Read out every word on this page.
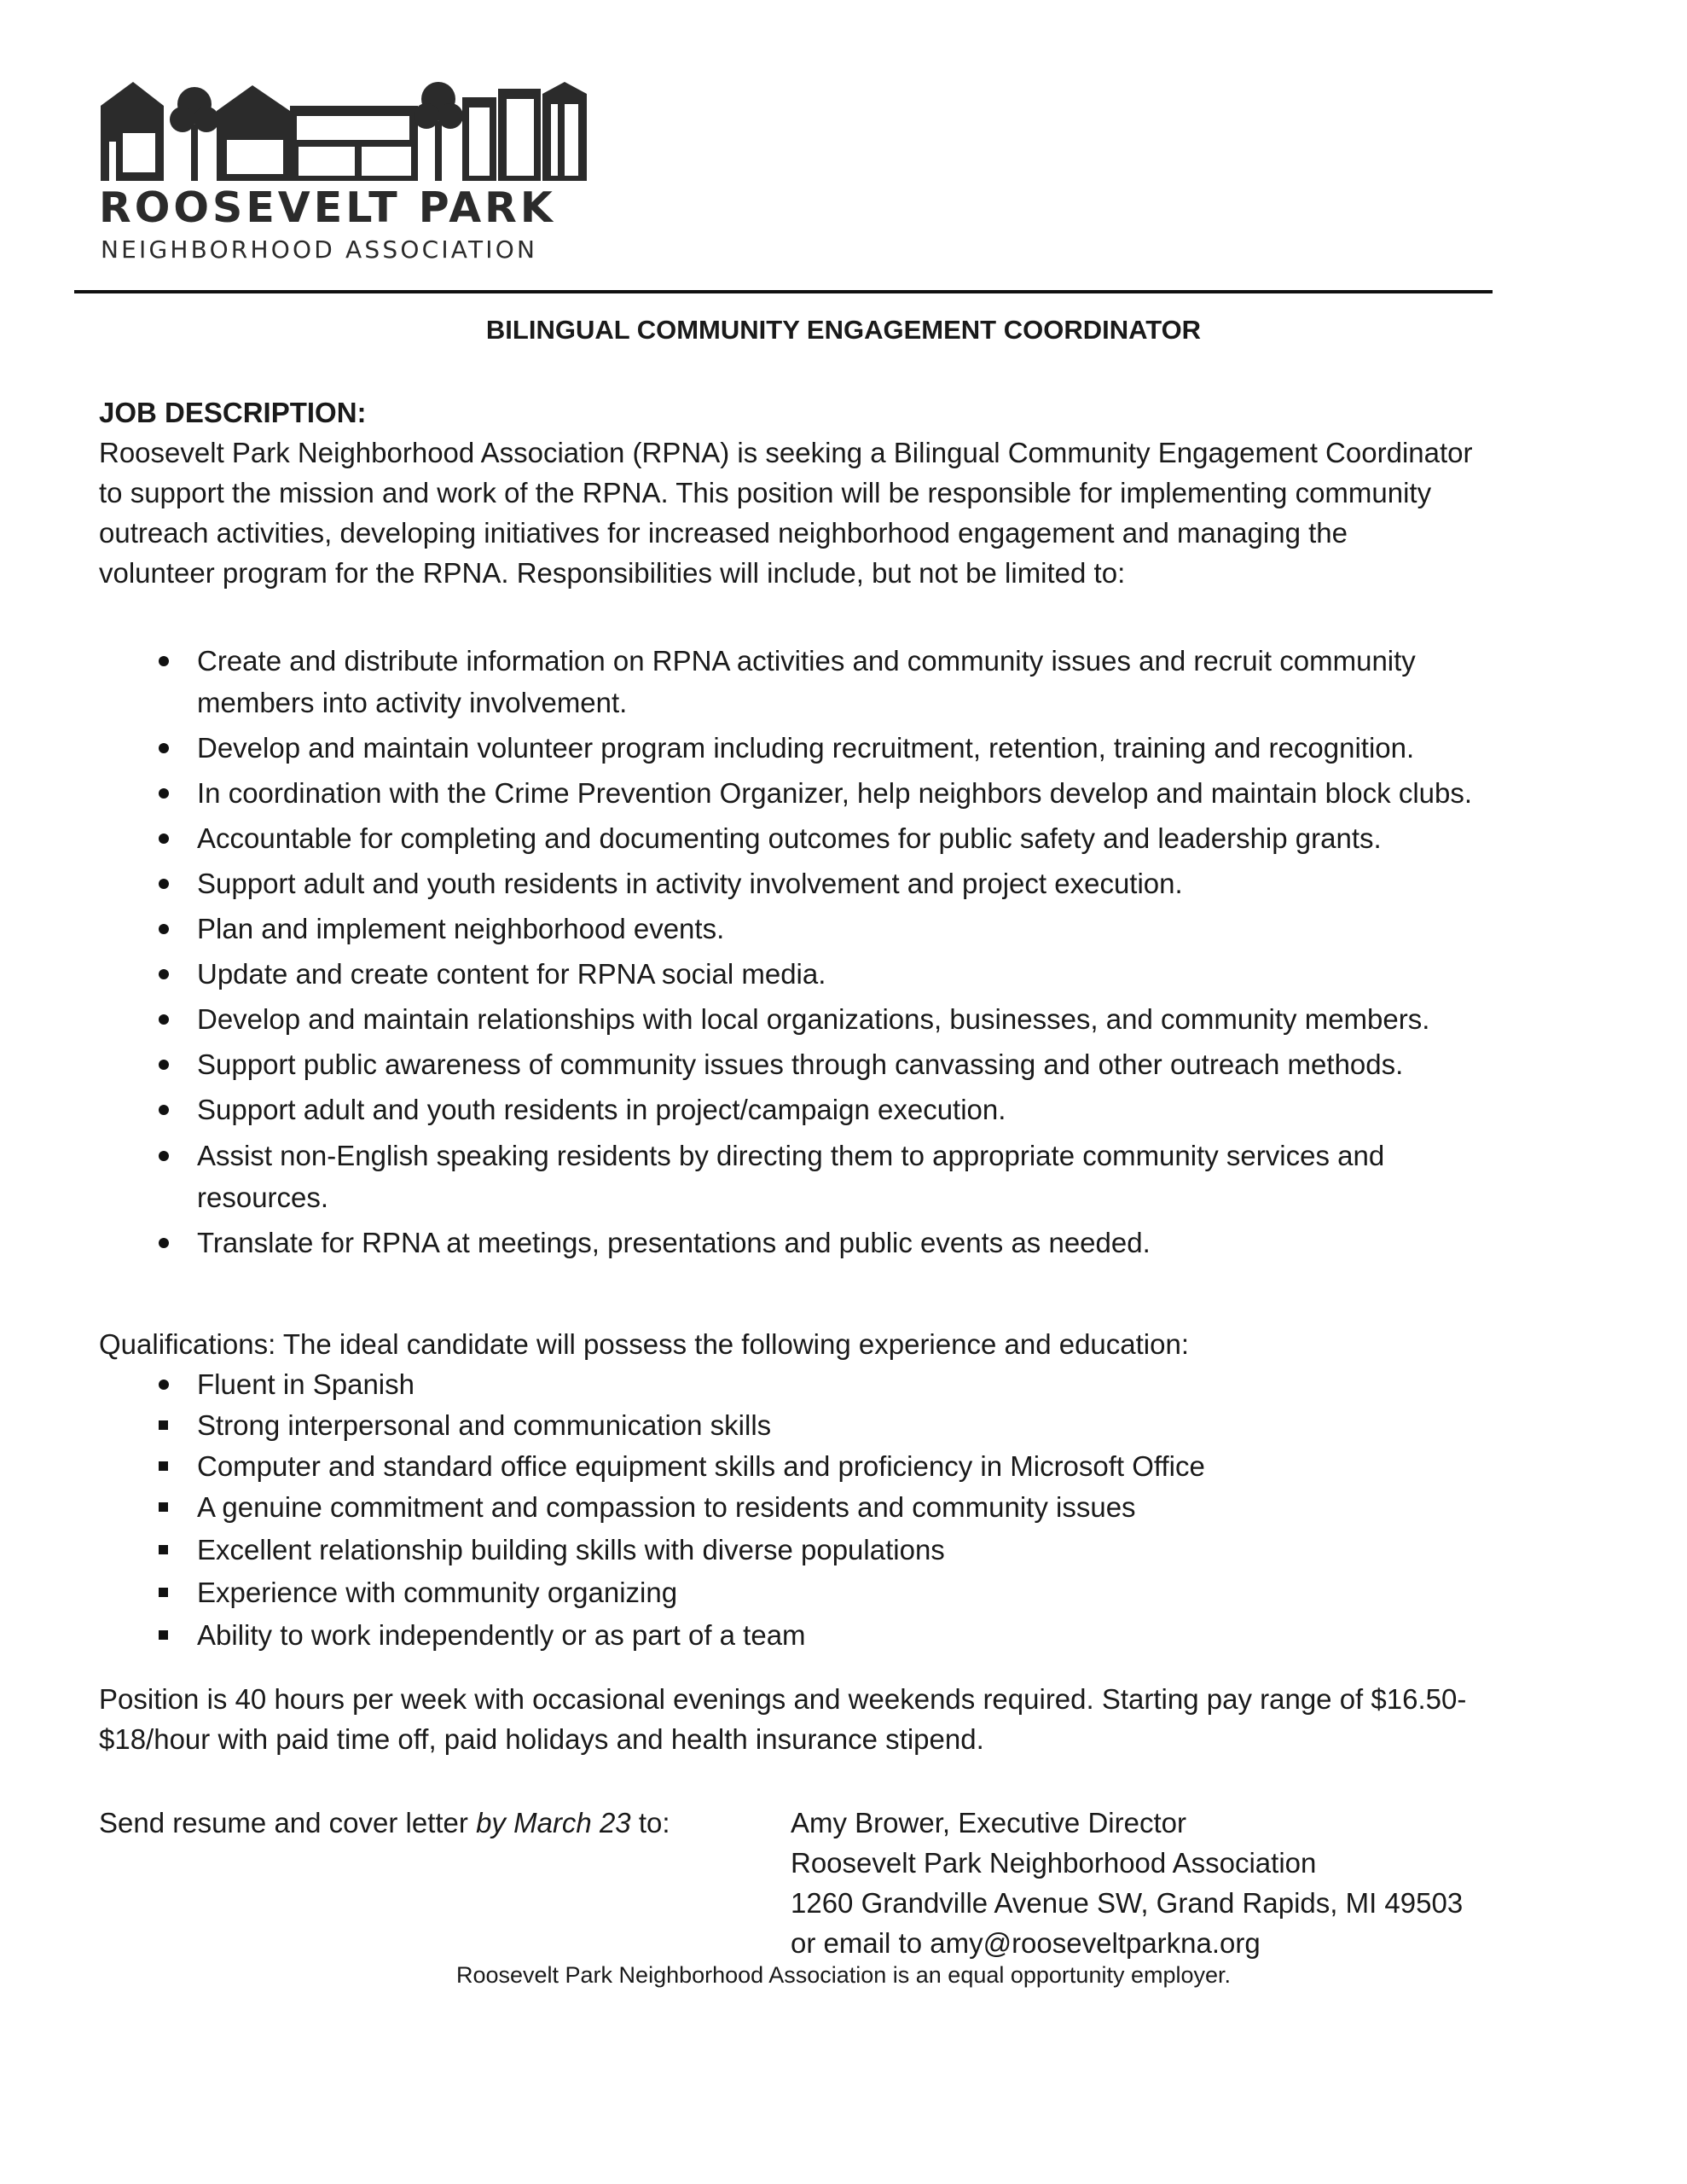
ROOSEVELT PARK
NEIGHBORHOOD ASSOCIATION
BILINGUAL COMMUNITY ENGAGEMENT COORDINATOR
JOB DESCRIPTION:
Roosevelt Park Neighborhood Association (RPNA) is seeking a Bilingual Community Engagement Coordinator
to support the mission and work of the RPNA. This position will be responsible for implementing community
outreach activities, developing initiatives for increased neighborhood engagement and managing the
volunteer program for the RPNA. Responsibilities will include, but not be limited to:
Create and distribute information on RPNA activities and community issues and recruit community
members into activity involvement.
Develop and maintain volunteer program including recruitment, retention, training and recognition.
In coordination with the Crime Prevention Organizer, help neighbors develop and maintain block clubs.
Accountable for completing and documenting outcomes for public safety and leadership grants.
Support adult and youth residents in activity involvement and project execution.
Plan and implement neighborhood events.
Update and create content for RPNA social media.
Develop and maintain relationships with local organizations, businesses, and community members.
Support public awareness of community issues through canvassing and other outreach methods.
Support adult and youth residents in project/campaign execution.
Assist non-English speaking residents by directing them to appropriate community services and
resources.
Translate for RPNA at meetings, presentations and public events as needed.
Qualifications: The ideal candidate will possess the following experience and education:
Fluent in Spanish
Strong interpersonal and communication skills
Computer and standard office equipment skills and proficiency in Microsoft Office
A genuine commitment and compassion to residents and community issues
Excellent relationship building skills with diverse populations
Experience with community organizing
Ability to work independently or as part of a team
Position is 40 hours per week with occasional evenings and weekends required. Starting pay range of $16.50-
$18/hour with paid time off, paid holidays and health insurance stipend.
Send resume and cover letter by March 23 to:	Amy Brower, Executive Director
Roosevelt Park Neighborhood Association
1260 Grandville Avenue SW, Grand Rapids, MI 49503
or email to amy@rooseveltparkna.org
Roosevelt Park Neighborhood Association is an equal opportunity employer.
